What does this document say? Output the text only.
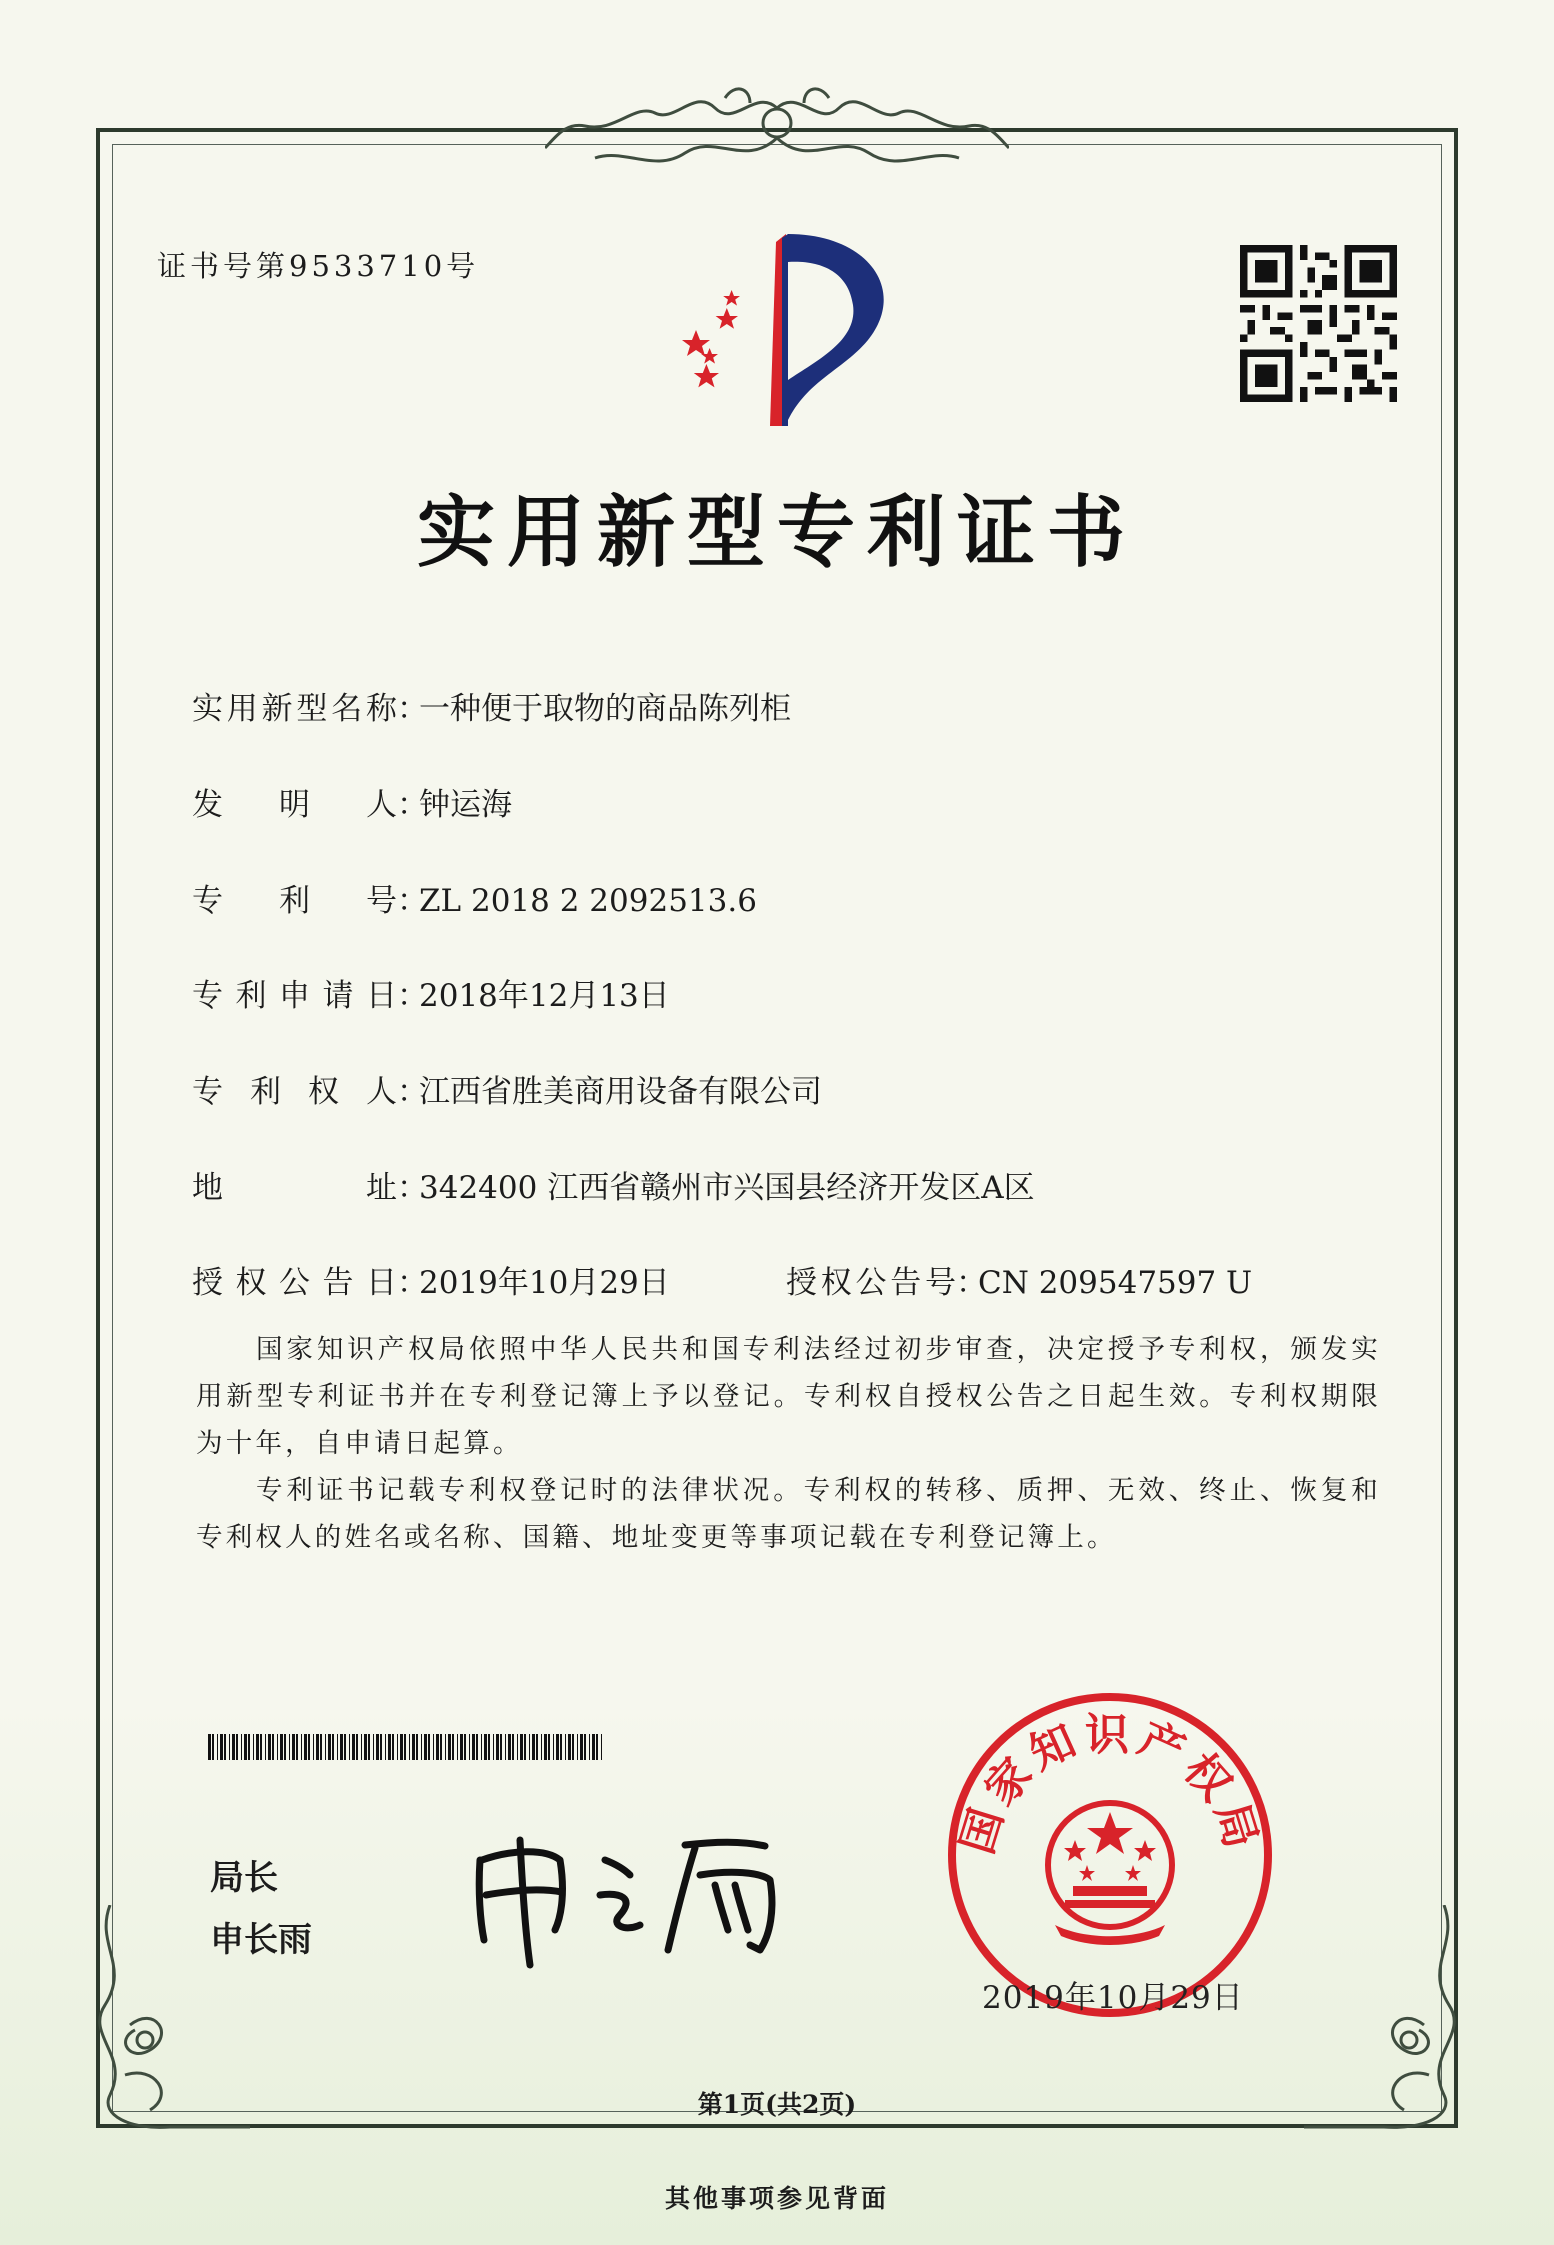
证书号第9533710号
实用新型专利证书
实用新型名称：一种便于取物的商品陈列柜
发明人：钟运海
专利号：ZL 2018 2 2092513.6
专利申请日：2018年12月13日
专利权人：江西省胜美商用设备有限公司
地址：342400 江西省赣州市兴国县经济开发区A区
授权公告日：2019年10月29日	授权公告号：CN 209547597 U
国家知识产权局依照中华人民共和国专利法经过初步审查，决定授予专利权，颁发实用新型专利证书并在专利登记簿上予以登记。专利权自授权公告之日起生效。专利权期限为十年，自申请日起算。
专利证书记载专利权登记时的法律状况。专利权的转移、质押、无效、终止、恢复和专利权人的姓名或名称、国籍、地址变更等事项记载在专利登记簿上。
局长
申长雨
国家知识产权局
2019年10月29日
第1页(共2页)
其他事项参见背面
